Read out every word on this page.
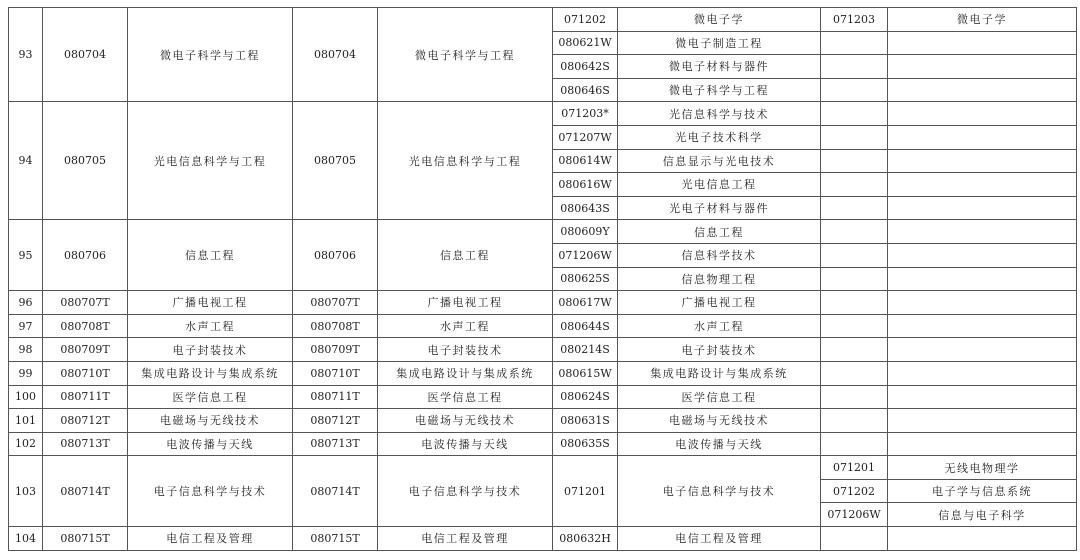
93	080704	微电子科学与工程	080704	微电子科学与工程	071202	微电子学	071203	微电子学
					080621W	微电子制造工程		
					080642S	微电子材料与器件		
					080646S	微电子科学与工程		
94	080705	光电信息科学与工程	080705	光电信息科学与工程	071203*	光信息科学与技术		
					071207W	光电子技术科学		
					080614W	信息显示与光电技术		
					080616W	光电信息工程		
					080643S	光电子材料与器件		
95	080706	信息工程	080706	信息工程	080609Y	信息工程		
					071206W	信息科学技术		
					080625S	信息物理工程		
96	080707T	广播电视工程	080707T	广播电视工程	080617W	广播电视工程		
97	080708T	水声工程	080708T	水声工程	080644S	水声工程		
98	080709T	电子封装技术	080709T	电子封装技术	080214S	电子封装技术		
99	080710T	集成电路设计与集成系统	080710T	集成电路设计与集成系统	080615W	集成电路设计与集成系统		
100	080711T	医学信息工程	080711T	医学信息工程	080624S	医学信息工程		
101	080712T	电磁场与无线技术	080712T	电磁场与无线技术	080631S	电磁场与无线技术		
102	080713T	电波传播与天线	080713T	电波传播与天线	080635S	电波传播与天线		
103	080714T	电子信息科学与技术	080714T	电子信息科学与技术	071201	电子信息科学与技术	071201	无线电物理学
							071202	电子学与信息系统
							071206W	信息与电子科学
104	080715T	电信工程及管理	080715T	电信工程及管理	080632H	电信工程及管理		
